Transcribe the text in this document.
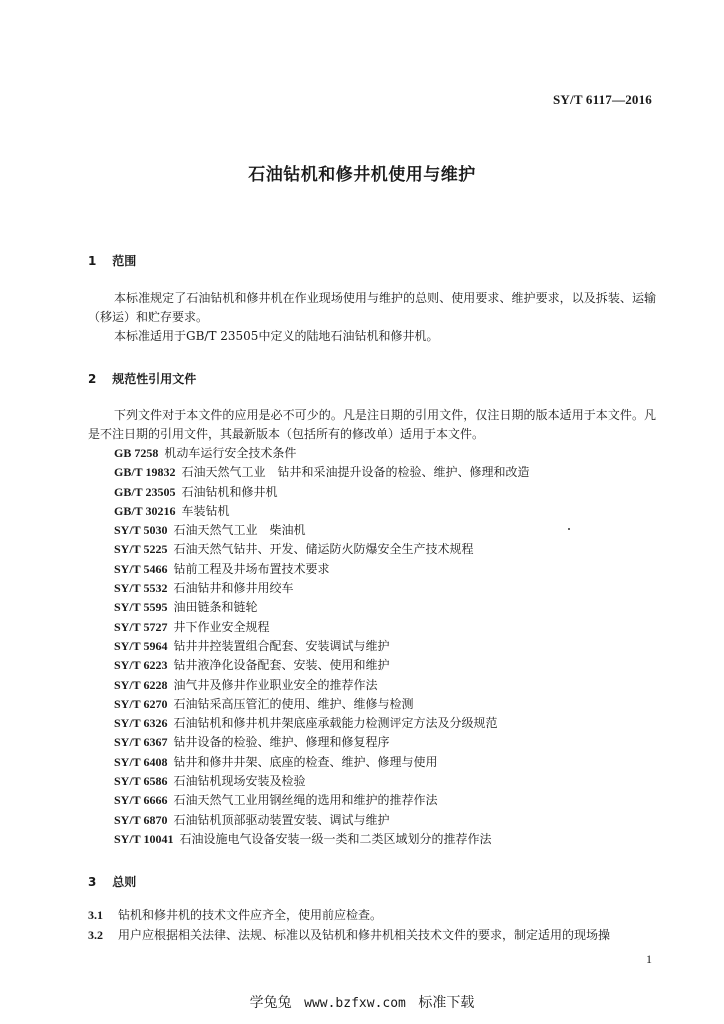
SY/T 6117—2016
石油钻机和修井机使用与维护
1 范围
本标准规定了石油钻机和修井机在作业现场使用与维护的总则、使用要求、维护要求，以及拆装、运输（移运）和贮存要求。
本标准适用于GB/T 23505中定义的陆地石油钻机和修井机。
2 规范性引用文件
下列文件对于本文件的应用是必不可少的。凡是注日期的引用文件，仅注日期的版本适用于本文件。凡是不注日期的引用文件，其最新版本（包括所有的修改单）适用于本文件。
GB 7258 机动车运行安全技术条件
GB/T 19832 石油天然气工业　钻井和采油提升设备的检验、维护、修理和改造
GB/T 23505 石油钻机和修井机
GB/T 30216 车装钻机
SY/T 5030 石油天然气工业　柴油机
SY/T 5225 石油天然气钻井、开发、储运防火防爆安全生产技术规程
SY/T 5466 钻前工程及井场布置技术要求
SY/T 5532 石油钻井和修井用绞车
SY/T 5595 油田链条和链轮
SY/T 5727 井下作业安全规程
SY/T 5964 钻井井控装置组合配套、安装调试与维护
SY/T 6223 钻井液净化设备配套、安装、使用和维护
SY/T 6228 油气井及修井作业职业安全的推荐作法
SY/T 6270 石油钻采高压管汇的使用、维护、维修与检测
SY/T 6326 石油钻机和修井机井架底座承载能力检测评定方法及分级规范
SY/T 6367 钻井设备的检验、维护、修理和修复程序
SY/T 6408 钻井和修井井架、底座的检查、维护、修理与使用
SY/T 6586 石油钻机现场安装及检验
SY/T 6666 石油天然气工业用钢丝绳的选用和维护的推荐作法
SY/T 6870 石油钻机顶部驱动装置安装、调试与维护
SY/T 10041 石油设施电气设备安装一级一类和二类区域划分的推荐作法
3 总则
3.1 钻机和修井机的技术文件应齐全，使用前应检查。
3.2 用户应根据相关法律、法规、标准以及钻机和修井机相关技术文件的要求，制定适用的现场操
1
学兔兔 www.bzfxw.com 标准下载
